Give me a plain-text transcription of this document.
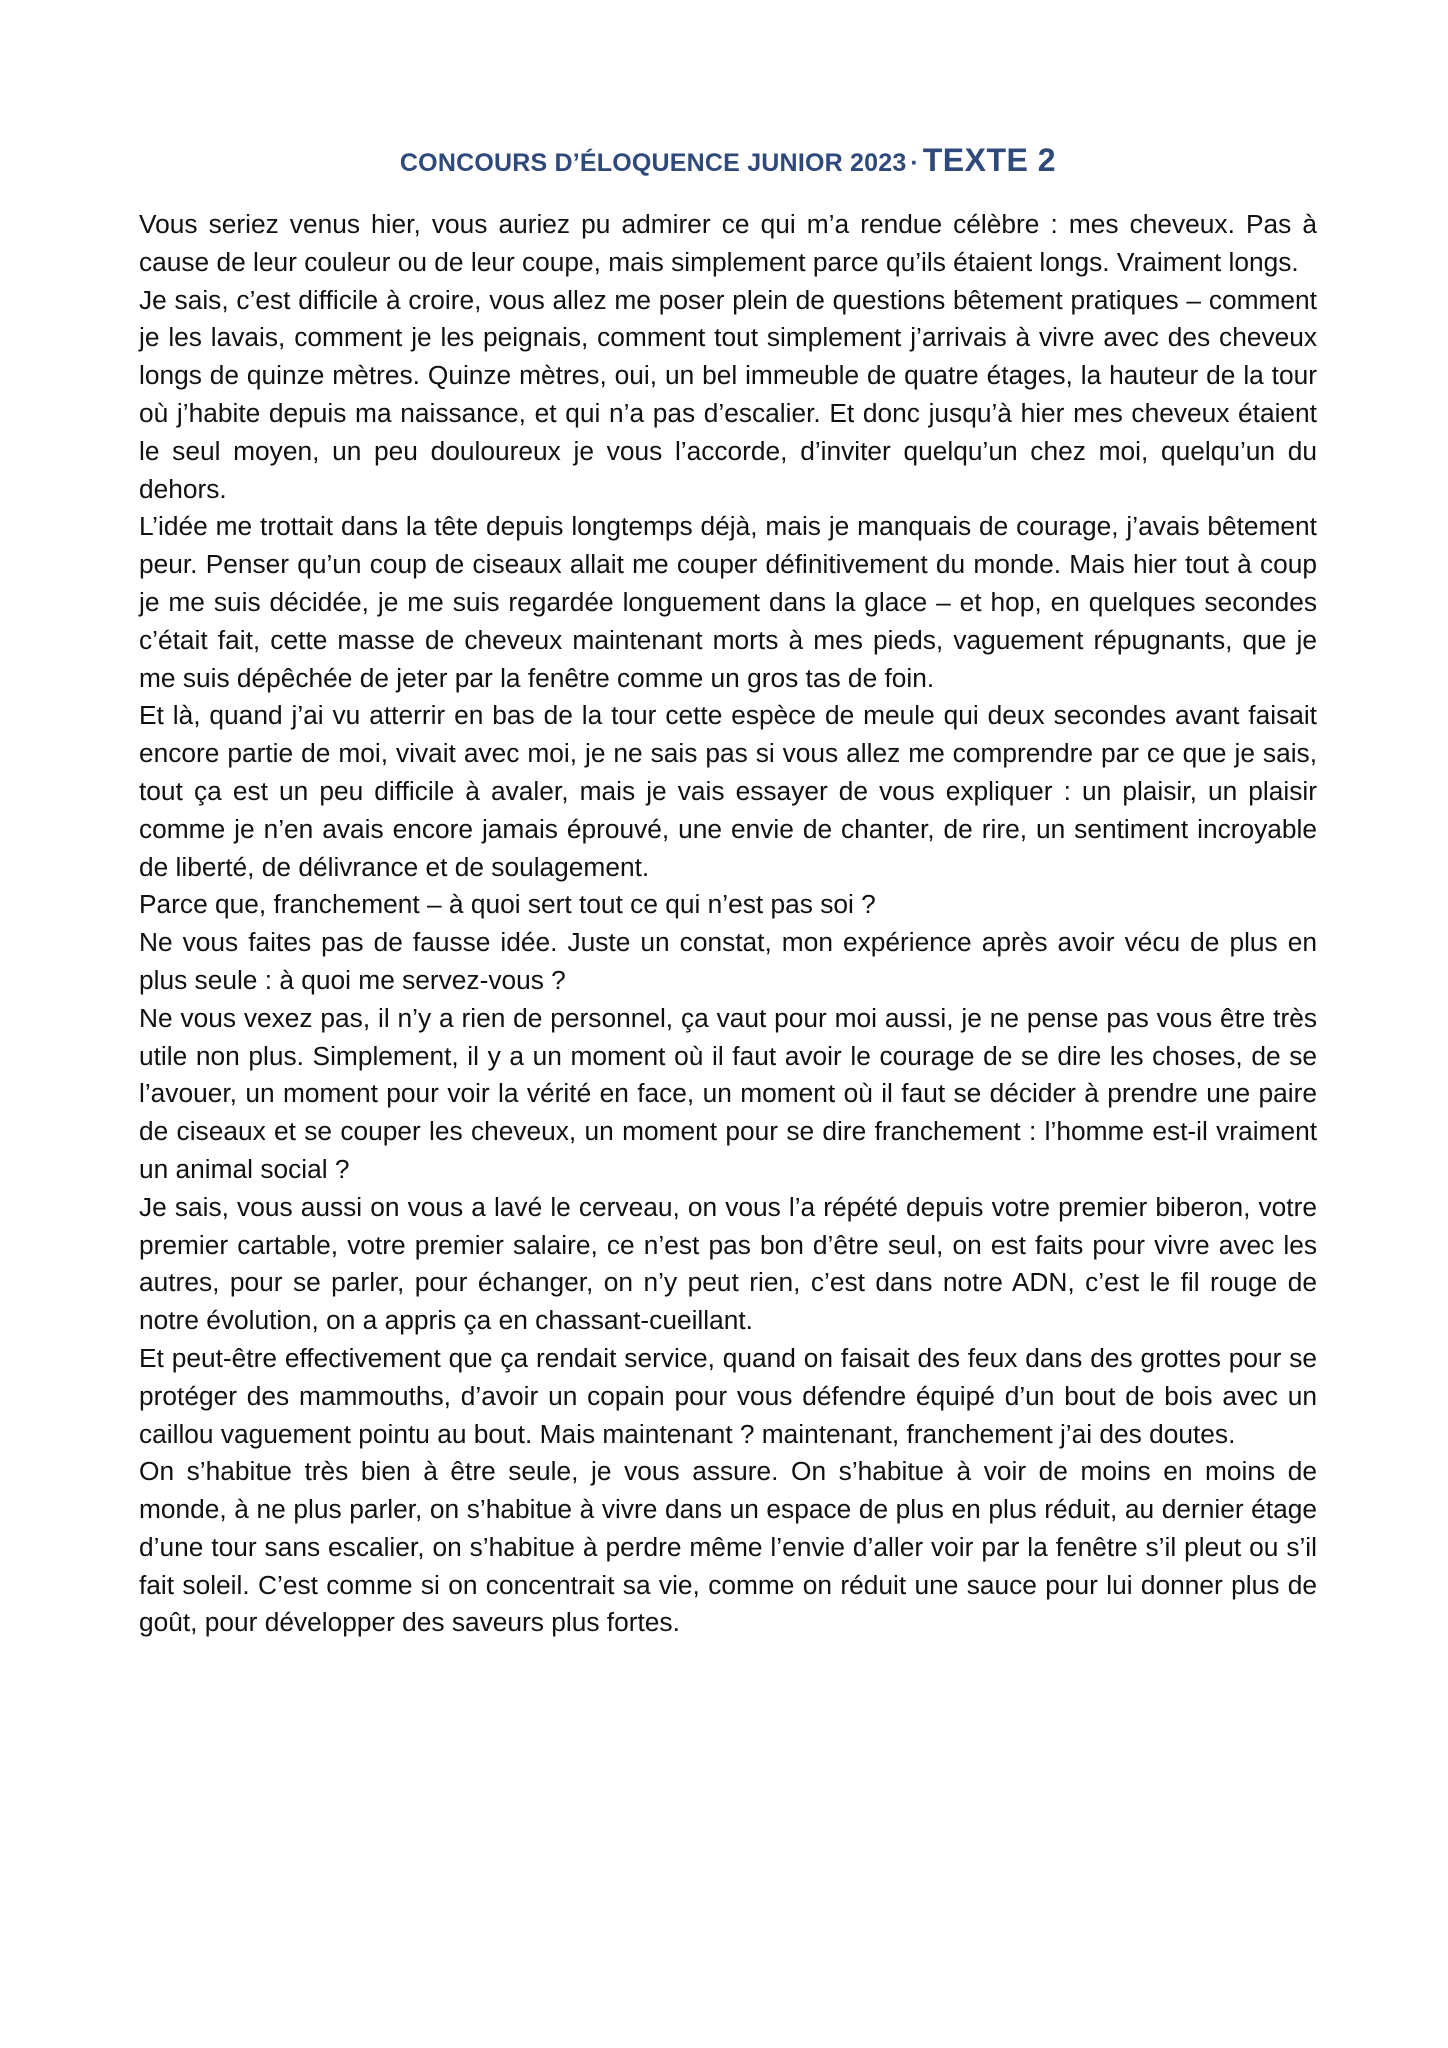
CONCOURS D’ÉLOQUENCE JUNIOR 2023 · TEXTE 2

Vous seriez venus hier, vous auriez pu admirer ce qui m’a rendue célèbre : mes cheveux. Pas à cause de leur couleur ou de leur coupe, mais simplement parce qu’ils étaient longs. Vraiment longs.

Je sais, c’est difficile à croire, vous allez me poser plein de questions bêtement pratiques – comment je les lavais, comment je les peignais, comment tout simplement j’arrivais à vivre avec des cheveux longs de quinze mètres. Quinze mètres, oui, un bel immeuble de quatre étages, la hauteur de la tour où j’habite depuis ma naissance, et qui n’a pas d’escalier. Et donc jusqu’à hier mes cheveux étaient le seul moyen, un peu douloureux je vous l’accorde, d’inviter quelqu’un chez moi, quelqu’un du dehors.

L’idée me trottait dans la tête depuis longtemps déjà, mais je manquais de courage, j’avais bêtement peur. Penser qu’un coup de ciseaux allait me couper définitivement du monde. Mais hier tout à coup je me suis décidée, je me suis regardée longuement dans la glace – et hop, en quelques secondes c’était fait, cette masse de cheveux maintenant morts à mes pieds, vaguement répugnants, que je me suis dépêchée de jeter par la fenêtre comme un gros tas de foin.

Et là, quand j’ai vu atterrir en bas de la tour cette espèce de meule qui deux secondes avant faisait encore partie de moi, vivait avec moi, je ne sais pas si vous allez me comprendre par ce que je sais, tout ça est un peu difficile à avaler, mais je vais essayer de vous expliquer : un plaisir, un plaisir comme je n’en avais encore jamais éprouvé, une envie de chanter, de rire, un sentiment incroyable de liberté, de délivrance et de soulagement.

Parce que, franchement – à quoi sert tout ce qui n’est pas soi ?

Ne vous faites pas de fausse idée. Juste un constat, mon expérience après avoir vécu de plus en plus seule : à quoi me servez-vous ?

Ne vous vexez pas, il n’y a rien de personnel, ça vaut pour moi aussi, je ne pense pas vous être très utile non plus. Simplement, il y a un moment où il faut avoir le courage de se dire les choses, de se l’avouer, un moment pour voir la vérité en face, un moment où il faut se décider à prendre une paire de ciseaux et se couper les cheveux, un moment pour se dire franchement : l’homme est-il vraiment un animal social ?

Je sais, vous aussi on vous a lavé le cerveau, on vous l’a répété depuis votre premier biberon, votre premier cartable, votre premier salaire, ce n’est pas bon d’être seul, on est faits pour vivre avec les autres, pour se parler, pour échanger, on n’y peut rien, c’est dans notre ADN, c’est le fil rouge de notre évolution, on a appris ça en chassant-cueillant.

Et peut-être effectivement que ça rendait service, quand on faisait des feux dans des grottes pour se protéger des mammouths, d’avoir un copain pour vous défendre équipé d’un bout de bois avec un caillou vaguement pointu au bout. Mais maintenant ? maintenant, franchement j’ai des doutes.

On s’habitue très bien à être seule, je vous assure. On s’habitue à voir de moins en moins de monde, à ne plus parler, on s’habitue à vivre dans un espace de plus en plus réduit, au dernier étage d’une tour sans escalier, on s’habitue à perdre même l’envie d’aller voir par la fenêtre s’il pleut ou s’il fait soleil. C’est comme si on concentrait sa vie, comme on réduit une sauce pour lui donner plus de goût, pour développer des saveurs plus fortes.
